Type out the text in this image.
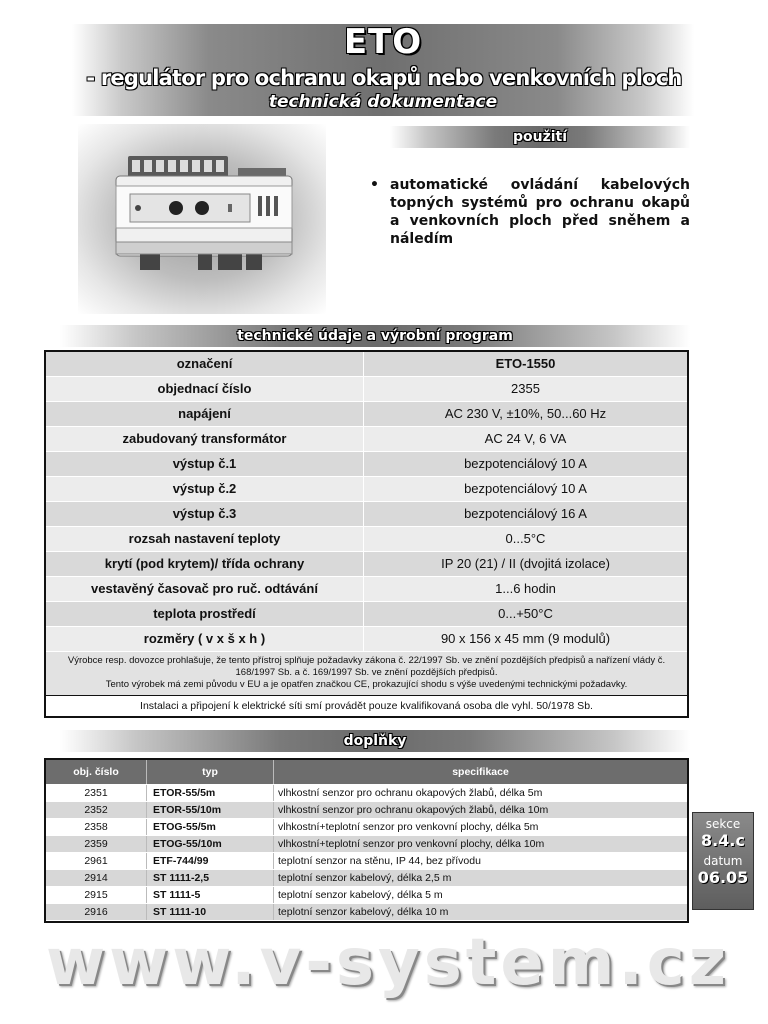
ETO
- regulátor pro ochranu okapů nebo venkovních ploch
technická dokumentace
použití
• automatické ovládání kabelových topných systémů pro ochranu okapů a venkovních ploch před sněhem a náledím
technické údaje a výrobní program
označení	ETO-1550
objednací číslo	2355
napájení	AC 230 V, ±10%, 50...60 Hz
zabudovaný transformátor	AC 24 V, 6 VA
výstup č.1	bezpotenciálový 10 A
výstup č.2	bezpotenciálový 10 A
výstup č.3	bezpotenciálový 16 A
rozsah nastavení teploty	0...5°C
krytí (pod krytem)/ třída ochrany	IP 20 (21) / II (dvojitá izolace)
vestavěný časovač pro ruč. odtávání	1...6 hodin
teplota prostředí	0...+50°C
rozměry ( v x š x h )	90 x 156 x 45 mm (9 modulů)
Výrobce resp. dovozce prohlašuje, že tento přístroj splňuje požadavky zákona č. 22/1997 Sb. ve znění pozdějších předpisů a nařízení vlády č. 168/1997 Sb. a č. 169/1997 Sb. ve znění pozdějších předpisů.
Tento výrobek má zemi původu v EU a je opatřen značkou CE, prokazující shodu s výše uvedenými technickými požadavky.
Instalaci a připojení k elektrické síti smí provádět pouze kvalifikovaná osoba dle vyhl. 50/1978 Sb.
doplňky
obj. číslo	typ	specifikace
2351	ETOR-55/5m	vlhkostní senzor pro ochranu okapových žlabů, délka 5m
2352	ETOR-55/10m	vlhkostní senzor pro ochranu okapových žlabů, délka 10m
2358	ETOG-55/5m	vlhkostní+teplotní senzor pro venkovní plochy, délka 5m
2359	ETOG-55/10m	vlhkostní+teplotní senzor pro venkovní plochy, délka 10m
2961	ETF-744/99	teplotní senzor na stěnu, IP 44, bez přívodu
2914	ST 1111-2,5	teplotní senzor kabelový, délka 2,5 m
2915	ST 1111-5	teplotní senzor kabelový, délka 5 m
2916	ST 1111-10	teplotní senzor kabelový, délka 10 m
sekce
8.4.c
datum
06.05
www.v-system.cz
